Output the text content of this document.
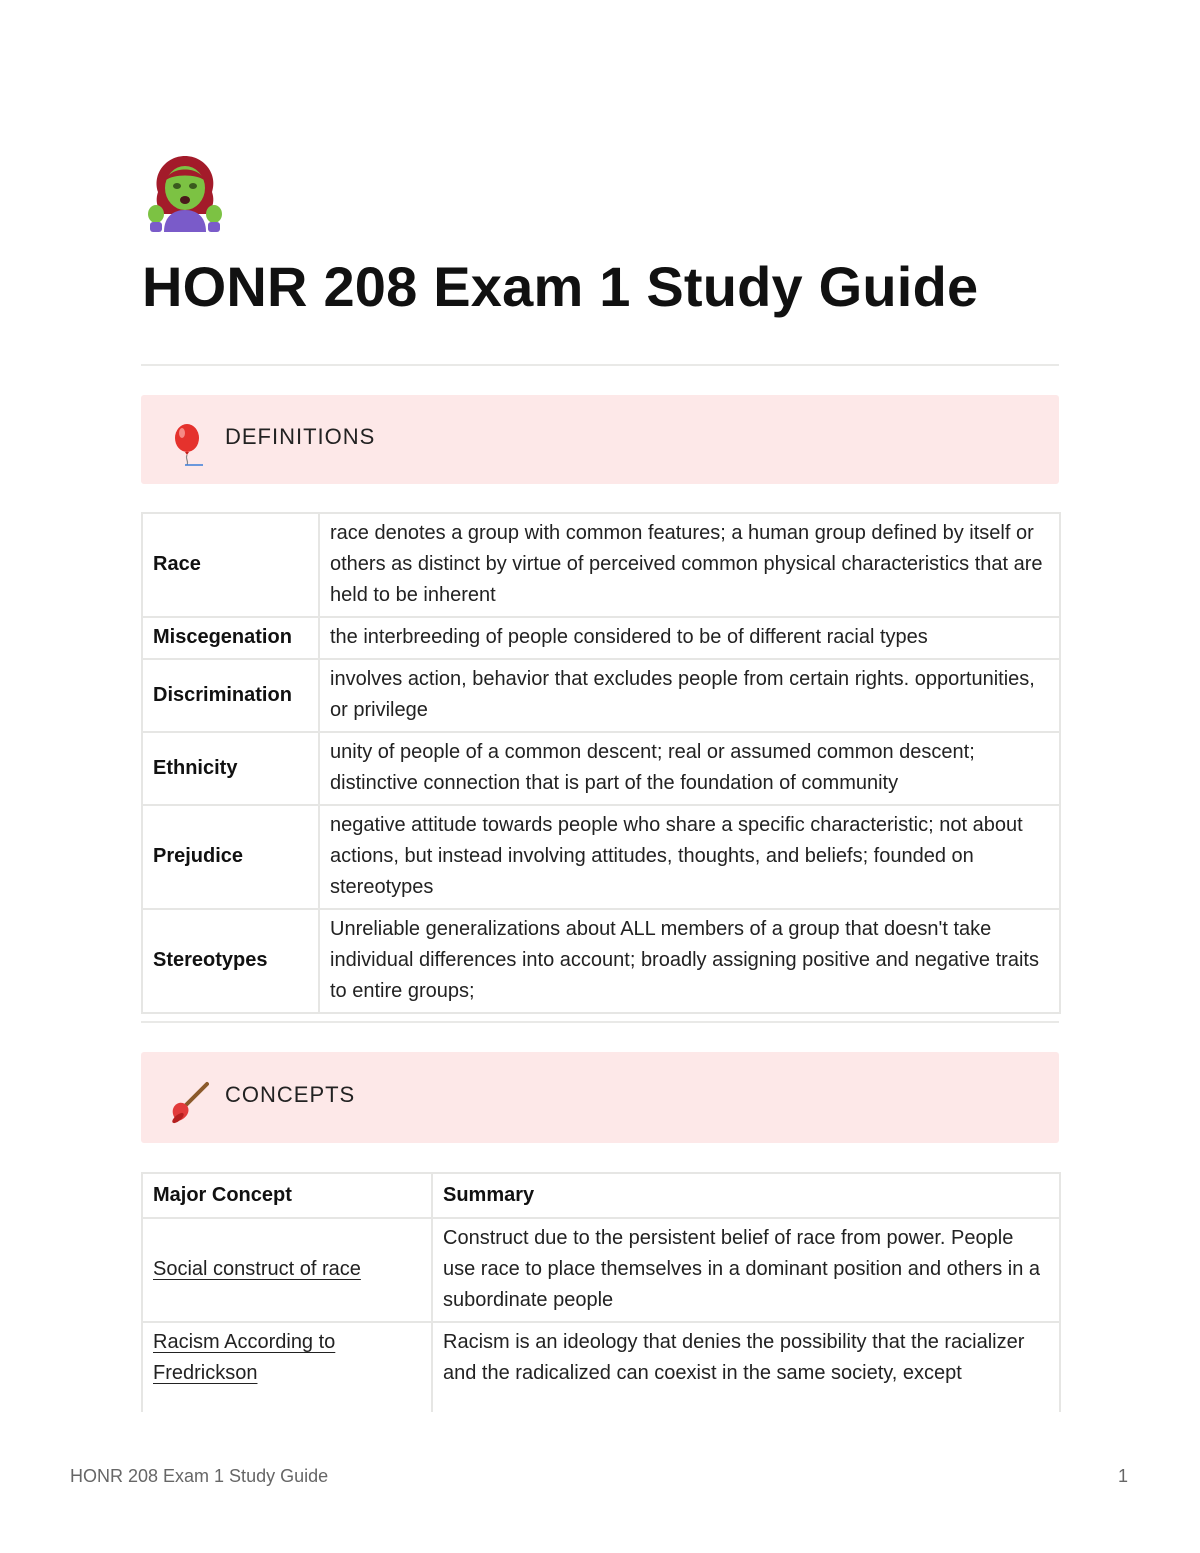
HONR 208 Exam 1 Study Guide
DEFINITIONS
Race	race denotes a group with common features; a human group defined by itself or others as distinct by virtue of perceived common physical characteristics that are held to be inherent
Miscegenation	the interbreeding of people considered to be of different racial types
Discrimination	involves action, behavior that excludes people from certain rights. opportunities, or privilege
Ethnicity	unity of people of a common descent; real or assumed common descent; distinctive connection that is part of the foundation of community
Prejudice	negative attitude towards people who share a specific characteristic; not about actions, but instead involving attitudes, thoughts, and beliefs; founded on stereotypes
Stereotypes	Unreliable generalizations about ALL members of a group that doesn't take individual differences into account; broadly assigning positive and negative traits to entire groups;
CONCEPTS
Major Concept	Summary
Social construct of race	Construct due to the persistent belief of race from power. People use race to place themselves in a dominant position and others in a subordinate people
Racism According to Fredrickson	Racism is an ideology that denies the possibility that the racializer and the radicalized can coexist in the same society, except
HONR 208 Exam 1 Study Guide	1
